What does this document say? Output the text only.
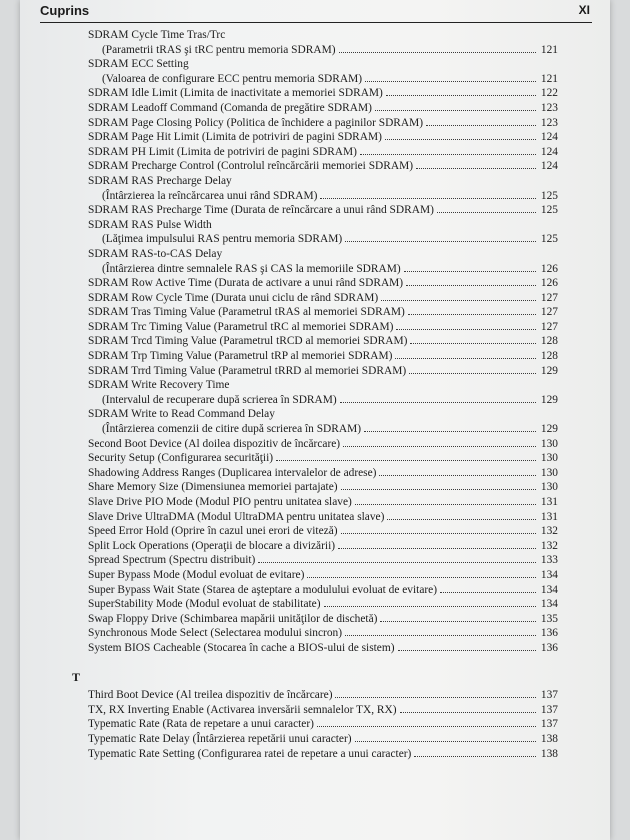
Cuprins	XI
SDRAM Cycle Time Tras/Trc
(Parametrii tRAS şi tRC pentru memoria SDRAM)	121
SDRAM ECC Setting
(Valoarea de configurare ECC pentru memoria SDRAM)	121
SDRAM Idle Limit (Limita de inactivitate a memoriei SDRAM)	122
SDRAM Leadoff Command (Comanda de pregătire SDRAM)	123
SDRAM Page Closing Policy (Politica de închidere a paginilor SDRAM)	123
SDRAM Page Hit Limit (Limita de potriviri de pagini SDRAM)	124
SDRAM PH Limit (Limita de potriviri de pagini SDRAM)	124
SDRAM Precharge Control (Controlul reîncărcării memoriei SDRAM)	124
SDRAM RAS Precharge Delay
(Întârzierea la reîncărcarea unui rând SDRAM)	125
SDRAM RAS Precharge Time (Durata de reîncărcare a unui rând SDRAM)	125
SDRAM RAS Pulse Width
(Lăţimea impulsului RAS pentru memoria SDRAM)	125
SDRAM RAS-to-CAS Delay
(Întârzierea dintre semnalele RAS şi CAS la memoriile SDRAM)	126
SDRAM Row Active Time (Durata de activare a unui rând SDRAM)	126
SDRAM Row Cycle Time (Durata unui ciclu de rând SDRAM)	127
SDRAM Tras Timing Value (Parametrul tRAS al memoriei SDRAM)	127
SDRAM Trc Timing Value (Parametrul tRC al memoriei SDRAM)	127
SDRAM Trcd Timing Value (Parametrul tRCD al memoriei SDRAM)	128
SDRAM Trp Timing Value (Parametrul tRP al memoriei SDRAM)	128
SDRAM Trrd Timing Value (Parametrul tRRD al memoriei SDRAM)	129
SDRAM Write Recovery Time
(Intervalul de recuperare după scrierea în SDRAM)	129
SDRAM Write to Read Command Delay
(Întârzierea comenzii de citire după scrierea în SDRAM)	129
Second Boot Device (Al doilea dispozitiv de încărcare)	130
Security Setup (Configurarea securităţii)	130
Shadowing Address Ranges (Duplicarea intervalelor de adrese)	130
Share Memory Size (Dimensiunea memoriei partajate)	130
Slave Drive PIO Mode (Modul PIO pentru unitatea slave)	131
Slave Drive UltraDMA (Modul UltraDMA pentru unitatea slave)	131
Speed Error Hold (Oprire în cazul unei erori de viteză)	132
Split Lock Operations (Operaţii de blocare a divizării)	132
Spread Spectrum (Spectru distribuit)	133
Super Bypass Mode (Modul evoluat de evitare)	134
Super Bypass Wait State (Starea de aşteptare a modulului evoluat de evitare)	134
SuperStability Mode (Modul evoluat de stabilitate)	134
Swap Floppy Drive (Schimbarea mapării unităţilor de dischetă)	135
Synchronous Mode Select (Selectarea modului sincron)	136
System BIOS Cacheable (Stocarea în cache a BIOS-ului de sistem)	136
T
Third Boot Device (Al treilea dispozitiv de încărcare)	137
TX, RX Inverting Enable (Activarea inversării semnalelor TX, RX)	137
Typematic Rate (Rata de repetare a unui caracter)	137
Typematic Rate Delay (Întârzierea repetării unui caracter)	138
Typematic Rate Setting (Configurarea ratei de repetare a unui caracter)	138
